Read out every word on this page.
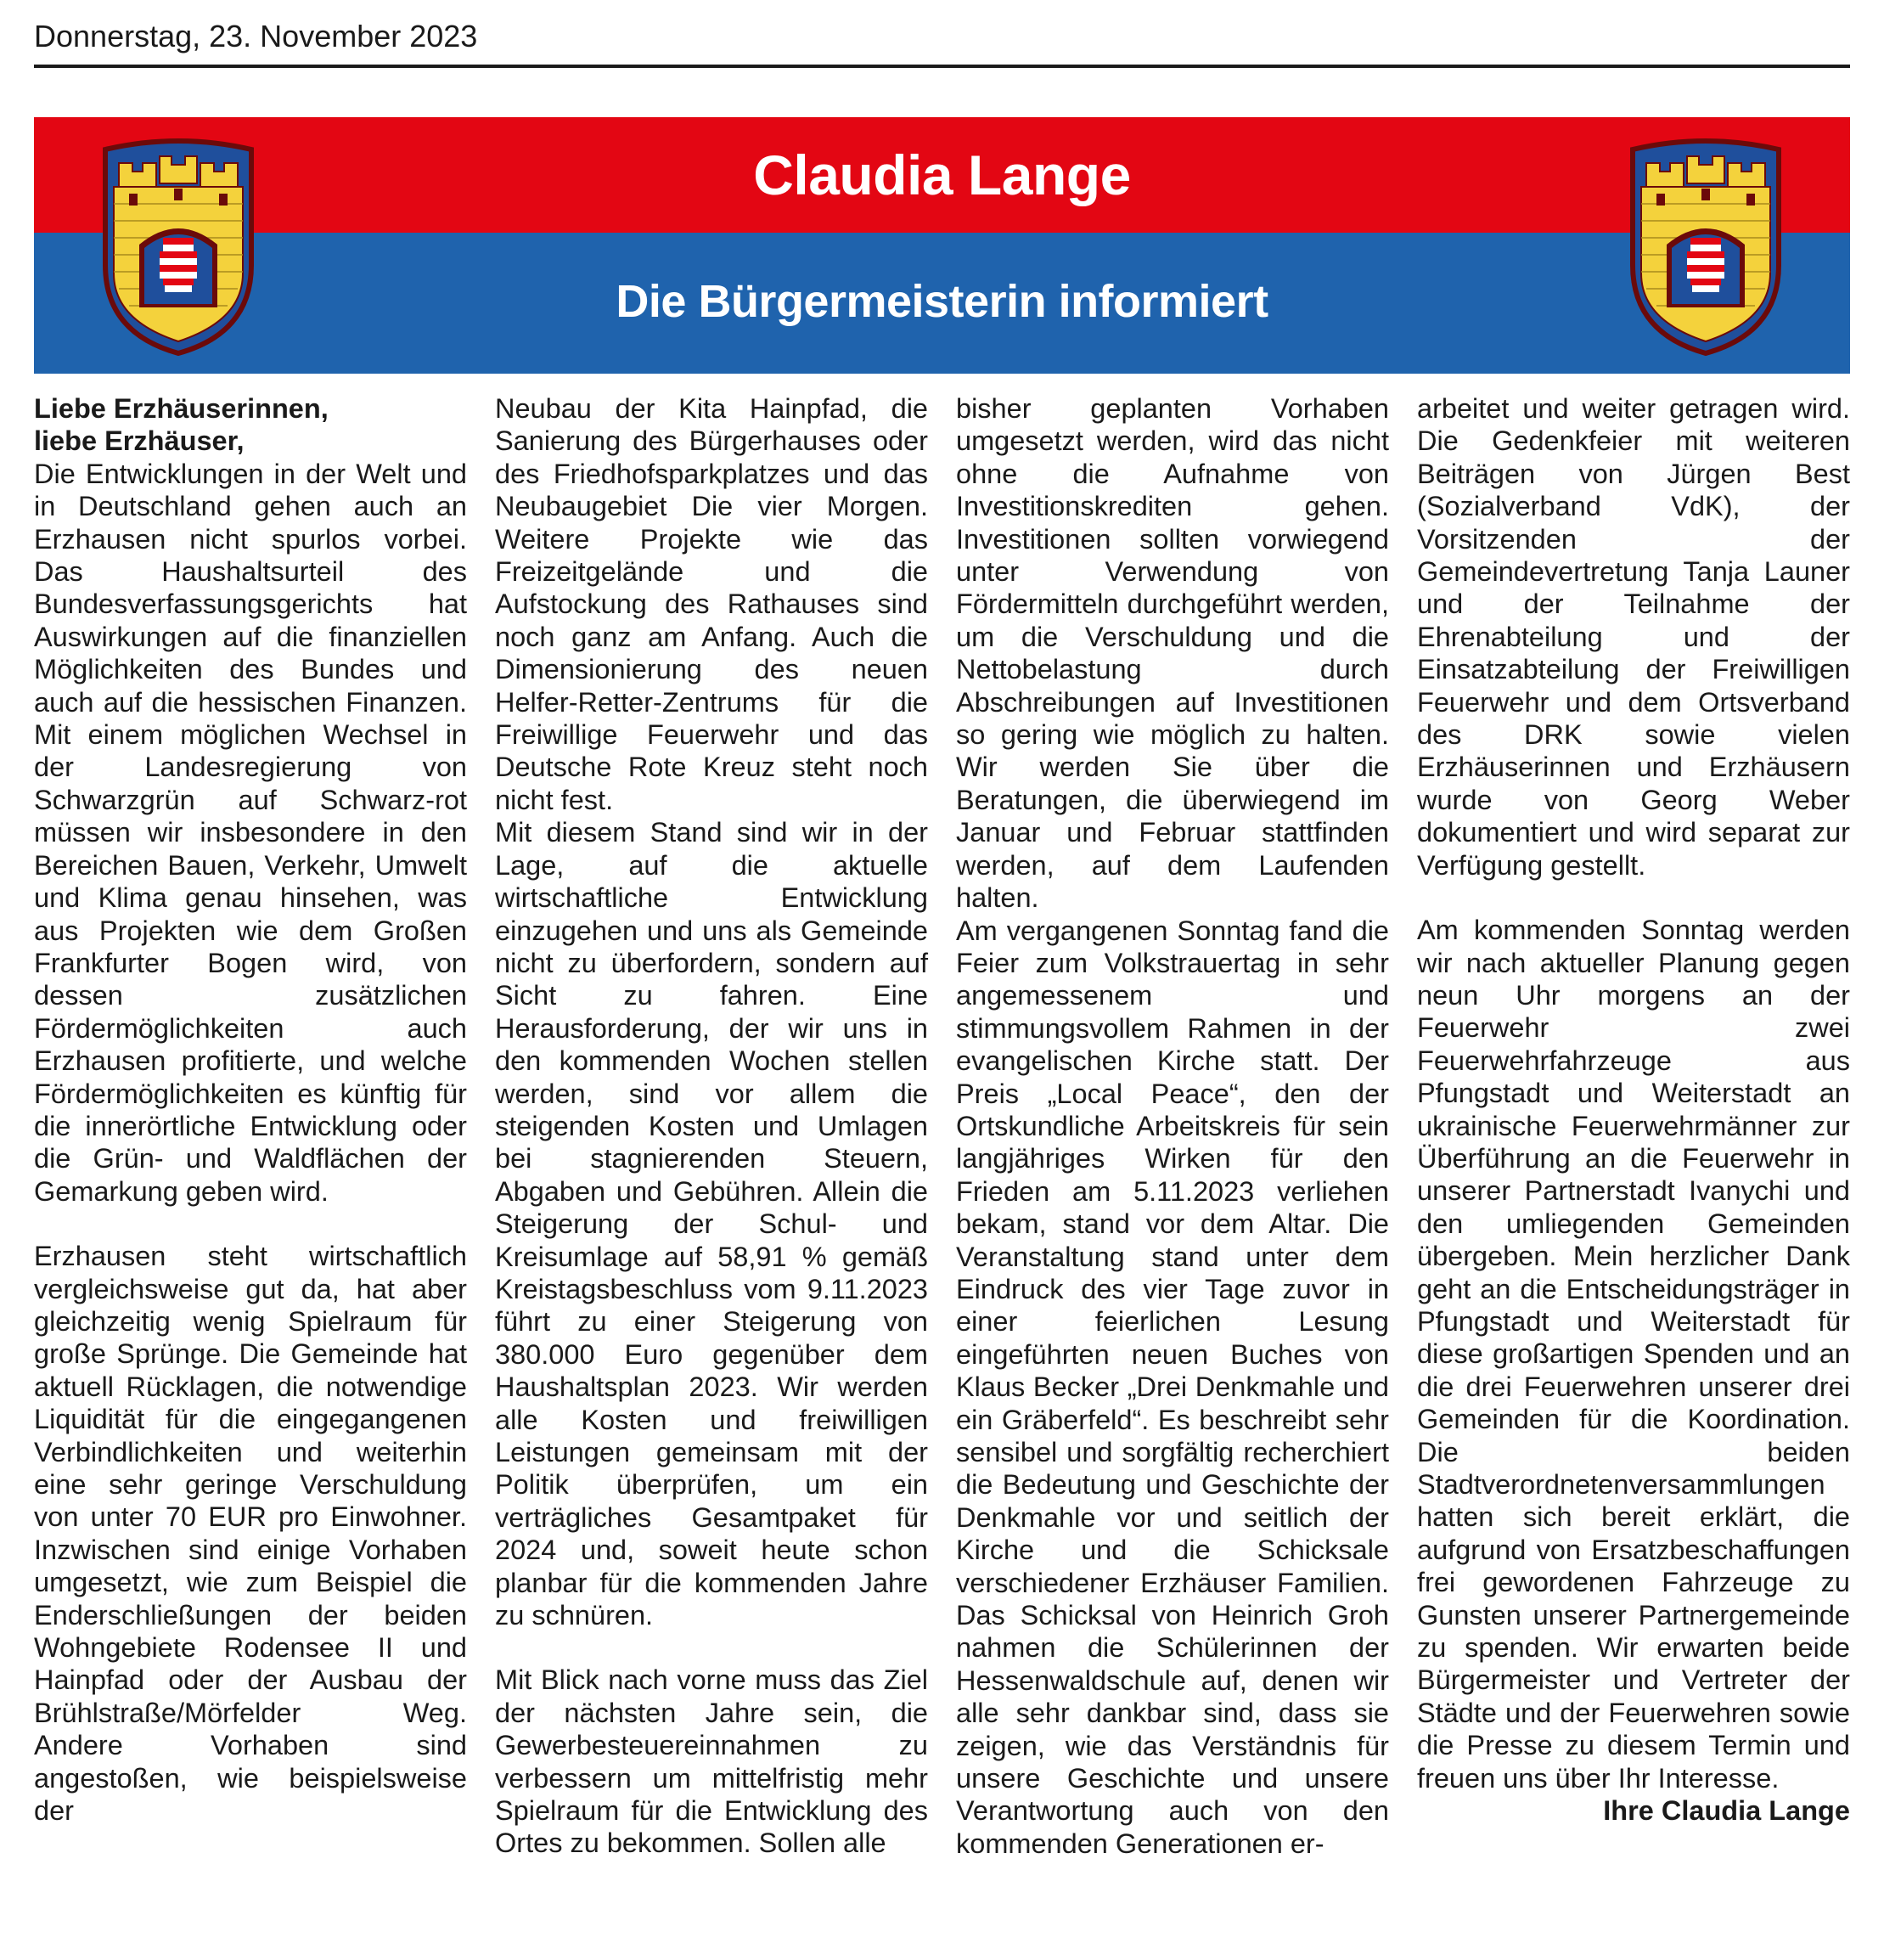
Donnerstag, 23. November 2023
Claudia Lange
Die Bürgermeisterin informiert

Liebe Erzhäuserinnen,

liebe Erzhäuser,

Die Entwicklungen in der Welt und in Deutschland gehen auch an Erzhausen nicht spurlos vorbei. Das Haushaltsurteil des Bundesverfassungsgerichts hat Auswirkungen auf die finanziellen Möglichkeiten des Bundes und auch auf die hessischen Finanzen. Mit einem möglichen Wechsel in der Landesregierung von Schwarzgrün auf Schwarz-rot müssen wir insbesondere in den Bereichen Bauen, Verkehr, Umwelt und Klima genau hinsehen, was aus Projekten wie dem Großen Frankfurter Bogen wird, von dessen zusätzlichen Fördermöglichkeiten auch Erzhausen profitierte, und welche Fördermöglichkeiten es künftig für die innerörtliche Entwicklung oder die Grün- und Waldflächen der Gemarkung geben wird.

Erzhausen steht wirtschaftlich vergleichsweise gut da, hat aber gleichzeitig wenig Spielraum für große Sprünge. Die Gemeinde hat aktuell Rücklagen, die notwendige Liquidität für die eingegangenen Verbindlichkeiten und weiterhin eine sehr geringe Verschuldung von unter 70 EUR pro Einwohner. Inzwischen sind einige Vorhaben umgesetzt, wie zum Beispiel die Enderschließungen der beiden Wohngebiete Rodensee II und Hainpfad oder der Ausbau der Brühlstraße/Mörfelder Weg. Andere Vorhaben sind angestoßen, wie beispielsweise der

Neubau der Kita Hainpfad, die Sanierung des Bürgerhauses oder des Friedhofsparkplatzes und das Neubaugebiet Die vier Morgen. Weitere Projekte wie das Freizeitgelände und die Aufstockung des Rathauses sind noch ganz am Anfang. Auch die Dimensionierung des neuen Helfer-Retter-Zentrums für die Freiwillige Feuerwehr und das Deutsche Rote Kreuz steht noch nicht fest.

Mit diesem Stand sind wir in der Lage, auf die aktuelle wirtschaftliche Entwicklung einzugehen und uns als Gemeinde nicht zu überfordern, sondern auf Sicht zu fahren. Eine Herausforderung, der wir uns in den kommenden Wochen stellen werden, sind vor allem die steigenden Kosten und Umlagen bei stagnierenden Steuern, Abgaben und Gebühren. Allein die Steigerung der Schul- und Kreisumlage auf 58,91 % gemäß Kreistagsbeschluss vom 9.11.2023 führt zu einer Steigerung von 380.000 Euro gegenüber dem Haushaltsplan 2023. Wir werden alle Kosten und freiwilligen Leistungen gemeinsam mit der Politik überprüfen, um ein verträgliches Gesamtpaket für 2024 und, soweit heute schon planbar für die kommenden Jahre zu schnüren.

Mit Blick nach vorne muss das Ziel der nächsten Jahre sein, die Gewerbesteuereinnahmen zu verbessern um mittelfristig mehr Spielraum für die Entwicklung des Ortes zu bekommen. Sollen alle

bisher geplanten Vorhaben umgesetzt werden, wird das nicht ohne die Aufnahme von Investitionskrediten gehen. Investitionen sollten vorwiegend unter Verwendung von Fördermitteln durchgeführt werden, um die Verschuldung und die Nettobelastung durch Abschreibungen auf Investitionen so gering wie möglich zu halten. Wir werden Sie über die Beratungen, die überwiegend im Januar und Februar stattfinden werden, auf dem Laufenden halten.

Am vergangenen Sonntag fand die Feier zum Volkstrauertag in sehr angemessenem und stimmungsvollem Rahmen in der evangelischen Kirche statt. Der Preis „Local Peace“, den der Ortskundliche Arbeitskreis für sein langjähriges Wirken für den Frieden am 5.11.2023 verliehen bekam, stand vor dem Altar. Die Veranstaltung stand unter dem Eindruck des vier Tage zuvor in einer feierlichen Lesung eingeführten neuen Buches von Klaus Becker „Drei Denkmahle und ein Gräberfeld“. Es beschreibt sehr sensibel und sorgfältig recherchiert die Bedeutung und Geschichte der Denkmahle vor und seitlich der Kirche und die Schicksale verschiedener Erzhäuser Familien. Das Schicksal von Heinrich Groh nahmen die Schülerinnen der Hessenwaldschule auf, denen wir alle sehr dankbar sind, dass sie zeigen, wie das Verständnis für unsere Geschichte und unsere Verantwortung auch von den kommenden Generationen er-

arbeitet und weiter getragen wird. Die Gedenkfeier mit weiteren Beiträgen von Jürgen Best (Sozialverband VdK), der Vorsitzenden der Gemeindevertretung Tanja Launer und der Teilnahme der Ehrenabteilung und der Einsatzabteilung der Freiwilligen Feuerwehr und dem Ortsverband des DRK sowie vielen Erzhäuserinnen und Erzhäusern wurde von Georg Weber dokumentiert und wird separat zur Verfügung gestellt.

Am kommenden Sonntag werden wir nach aktueller Planung gegen neun Uhr morgens an der Feuerwehr zwei Feuerwehrfahrzeuge aus Pfungstadt und Weiterstadt an ukrainische Feuerwehrmänner zur Überführung an die Feuerwehr in unserer Partnerstadt Ivanychi und den umliegenden Gemeinden übergeben. Mein herzlicher Dank geht an die Entscheidungsträger in Pfungstadt und Weiterstadt für diese großartigen Spenden und an die drei Feuerwehren unserer drei Gemeinden für die Koordination. Die beiden Stadtverordnetenversammlungen hatten sich bereit erklärt, die aufgrund von Ersatzbeschaffungen frei gewordenen Fahrzeuge zu Gunsten unserer Partnergemeinde zu spenden. Wir erwarten beide Bürgermeister und Vertreter der Städte und der Feuerwehren sowie die Presse zu diesem Termin und freuen uns über Ihr Interesse.

Ihre Claudia Lange
